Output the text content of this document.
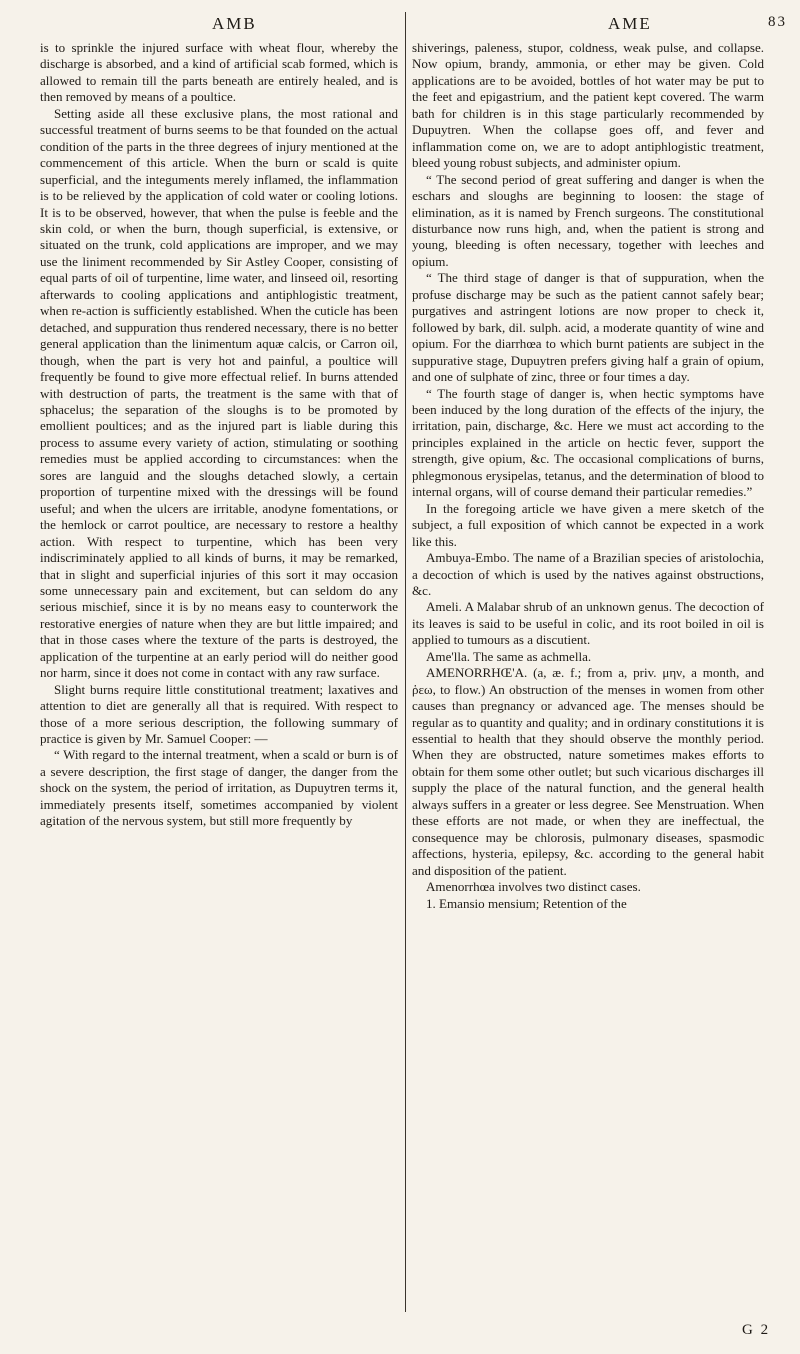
AMB	AME	83

is to sprinkle the injured surface with wheat flour, whereby the discharge is absorbed, and a kind of artificial scab formed, which is allowed to remain till the parts beneath are entirely healed, and is then removed by means of a poultice.

Setting aside all these exclusive plans, the most rational and successful treatment of burns seems to be that founded on the actual condition of the parts in the three degrees of injury mentioned at the commencement of this article. When the burn or scald is quite superficial, and the integuments merely inflamed, the inflammation is to be relieved by the application of cold water or cooling lotions. It is to be observed, however, that when the pulse is feeble and the skin cold, or when the burn, though superficial, is extensive, or situated on the trunk, cold applications are improper, and we may use the liniment recommended by Sir Astley Cooper, consisting of equal parts of oil of turpentine, lime water, and linseed oil, resorting afterwards to cooling applications and antiphlogistic treatment, when re-action is sufficiently established. When the cuticle has been detached, and suppuration thus rendered necessary, there is no better general application than the linimentum aquæ calcis, or Carron oil, though, when the part is very hot and painful, a poultice will frequently be found to give more effectual relief. In burns attended with destruction of parts, the treatment is the same with that of sphacelus; the separation of the sloughs is to be promoted by emollient poultices; and as the injured part is liable during this process to assume every variety of action, stimulating or soothing remedies must be applied according to circumstances: when the sores are languid and the sloughs detached slowly, a certain proportion of turpentine mixed with the dressings will be found useful; and when the ulcers are irritable, anodyne fomentations, or the hemlock or carrot poultice, are necessary to restore a healthy action. With respect to turpentine, which has been very indiscriminately applied to all kinds of burns, it may be remarked, that in slight and superficial injuries of this sort it may occasion some unnecessary pain and excitement, but can seldom do any serious mischief, since it is by no means easy to counterwork the restorative energies of nature when they are but little impaired; and that in those cases where the texture of the parts is destroyed, the application of the turpentine at an early period will do neither good nor harm, since it does not come in contact with any raw surface.

Slight burns require little constitutional treatment; laxatives and attention to diet are generally all that is required. With respect to those of a more serious description, the following summary of practice is given by Mr. Samuel Cooper: —

“ With regard to the internal treatment, when a scald or burn is of a severe description, the first stage of danger, the danger from the shock on the system, the period of irritation, as Dupuytren terms it, immediately presents itself, sometimes accompanied by violent agitation of the nervous system, but still more frequently by

shiverings, paleness, stupor, coldness, weak pulse, and collapse. Now opium, brandy, ammonia, or ether may be given. Cold applications are to be avoided, bottles of hot water may be put to the feet and epigastrium, and the patient kept covered. The warm bath for children is in this stage particularly recommended by Dupuytren. When the collapse goes off, and fever and inflammation come on, we are to adopt antiphlogistic treatment, bleed young robust subjects, and administer opium.

“ The second period of great suffering and danger is when the eschars and sloughs are beginning to loosen: the stage of elimination, as it is named by French surgeons. The constitutional disturbance now runs high, and, when the patient is strong and young, bleeding is often necessary, together with leeches and opium.

“ The third stage of danger is that of suppuration, when the profuse discharge may be such as the patient cannot safely bear; purgatives and astringent lotions are now proper to check it, followed by bark, dil. sulph. acid, a moderate quantity of wine and opium. For the diarrhœa to which burnt patients are subject in the suppurative stage, Dupuytren prefers giving half a grain of opium, and one of sulphate of zinc, three or four times a day.

“ The fourth stage of danger is, when hectic symptoms have been induced by the long duration of the effects of the injury, the irritation, pain, discharge, &c. Here we must act according to the principles explained in the article on hectic fever, support the strength, give opium, &c. The occasional complications of burns, phlegmonous erysipelas, tetanus, and the determination of blood to internal organs, will of course demand their particular remedies.”

In the foregoing article we have given a mere sketch of the subject, a full exposition of which cannot be expected in a work like this.

Ambuya-Embo. The name of a Brazilian species of aristolochia, a decoction of which is used by the natives against obstructions, &c.

Ameli. A Malabar shrub of an unknown genus. The decoction of its leaves is said to be useful in colic, and its root boiled in oil is applied to tumours as a discutient.

Ame'lla. The same as achmella.

AMENORRHŒ'A. (a, æ. f.; from a, priv. μην, a month, and ῥεω, to flow.) An obstruction of the menses in women from other causes than pregnancy or advanced age. The menses should be regular as to quantity and quality; and in ordinary constitutions it is essential to health that they should observe the monthly period. When they are obstructed, nature sometimes makes efforts to obtain for them some other outlet; but such vicarious discharges ill supply the place of the natural function, and the general health always suffers in a greater or less degree. See Menstruation. When these efforts are not made, or when they are ineffectual, the consequence may be chlorosis, pulmonary diseases, spasmodic affections, hysteria, epilepsy, &c. according to the general habit and disposition of the patient.

Amenorrhœa involves two distinct cases.

1. Emansio mensium; Retention of the

G 2
